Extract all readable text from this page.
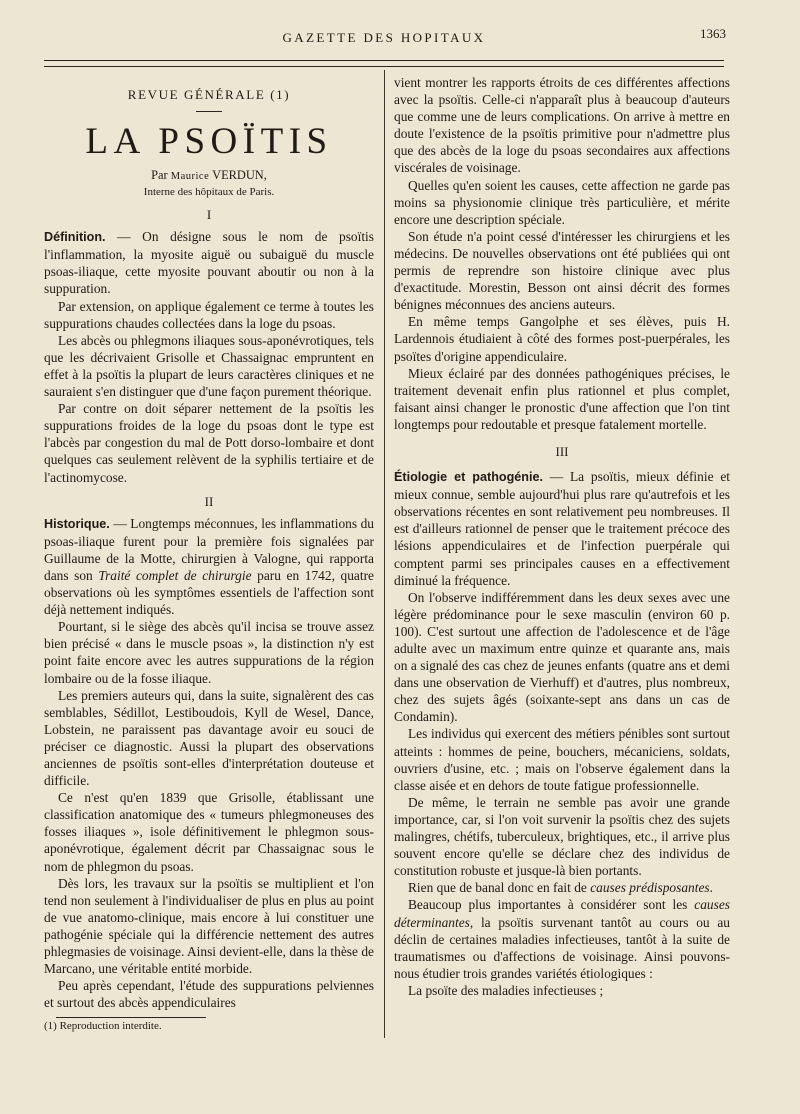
GAZETTE DES HOPITAUX	1363
REVUE GÉNÉRALE (1)
LA PSOÏTIS
Par Maurice VERDUN,
Interne des hôpitaux de Paris.
I

Définition. — On désigne sous le nom de psoïtis l'inflammation, la myosite aiguë ou subaiguë du muscle psoas-iliaque, cette myosite pouvant aboutir ou non à la suppuration.

Par extension, on applique également ce terme à toutes les suppurations chaudes collectées dans la loge du psoas.

Les abcès ou phlegmons iliaques sous-aponévrotiques, tels que les décrivaient Grisolle et Chassaignac empruntent en effet à la psoïtis la plupart de leurs caractères cliniques et ne sauraient s'en distinguer que d'une façon purement théorique.

Par contre on doit séparer nettement de la psoïtis les suppurations froides de la loge du psoas dont le type est l'abcès par congestion du mal de Pott dorso-lombaire et dont quelques cas seulement relèvent de la syphilis tertiaire et de l'actinomycose.

II

Historique. — Longtemps méconnues, les inflammations du psoas-iliaque furent pour la première fois signalées par Guillaume de la Motte, chirurgien à Valogne, qui rapporta dans son Traité complet de chirurgie paru en 1742, quatre observations où les symptômes essentiels de l'affection sont déjà nettement indiqués.

Pourtant, si le siège des abcès qu'il incisa se trouve assez bien précisé « dans le muscle psoas », la distinction n'y est point faite encore avec les autres suppurations de la région lombaire ou de la fosse iliaque.

Les premiers auteurs qui, dans la suite, signalèrent des cas semblables, Sédillot, Lestiboudois, Kyll de Wesel, Dance, Lobstein, ne paraissent pas davantage avoir eu souci de préciser ce diagnostic. Aussi la plupart des observations anciennes de psoïtis sont-elles d'interprétation douteuse et difficile.

Ce n'est qu'en 1839 que Grisolle, établissant une classification anatomique des « tumeurs phlegmoneuses des fosses iliaques », isole définitivement le phlegmon sous-aponévrotique, également décrit par Chassaignac sous le nom de phlegmon du psoas.

Dès lors, les travaux sur la psoïtis se multiplient et l'on tend non seulement à l'individualiser de plus en plus au point de vue anatomo-clinique, mais encore à lui constituer une pathogénie spéciale qui la différencie nettement des autres phlegmasies de voisinage. Ainsi devient-elle, dans la thèse de Marcano, une véritable entité morbide.

Peu après cependant, l'étude des suppurations pelviennes et surtout des abcès appendiculaires

(1) Reproduction interdite.

vient montrer les rapports étroits de ces différentes affections avec la psoïtis. Celle-ci n'apparaît plus à beaucoup d'auteurs que comme une de leurs complications. On arrive à mettre en doute l'existence de la psoïtis primitive pour n'admettre plus que des abcès de la loge du psoas secondaires aux affections viscérales de voisinage.

Quelles qu'en soient les causes, cette affection ne garde pas moins sa physionomie clinique très particulière, et mérite encore une description spéciale.

Son étude n'a point cessé d'intéresser les chirurgiens et les médecins. De nouvelles observations ont été publiées qui ont permis de reprendre son histoire clinique avec plus d'exactitude. Morestin, Besson ont ainsi décrit des formes bénignes méconnues des anciens auteurs.

En même temps Gangolphe et ses élèves, puis H. Lardennois étudiaient à côté des formes post-puerpérales, les psoïtes d'origine appendiculaire.

Mieux éclairé par des données pathogéniques précises, le traitement devenait enfin plus rationnel et plus complet, faisant ainsi changer le pronostic d'une affection que l'on tint longtemps pour redoutable et presque fatalement mortelle.

III

Étiologie et pathogénie. — La psoïtis, mieux définie et mieux connue, semble aujourd'hui plus rare qu'autrefois et les observations récentes en sont relativement peu nombreuses. Il est d'ailleurs rationnel de penser que le traitement précoce des lésions appendiculaires et de l'infection puerpérale qui comptent parmi ses principales causes en a effectivement diminué la fréquence.

On l'observe indifféremment dans les deux sexes avec une légère prédominance pour le sexe masculin (environ 60 p. 100). C'est surtout une affection de l'adolescence et de l'âge adulte avec un maximum entre quinze et quarante ans, mais on a signalé des cas chez de jeunes enfants (quatre ans et demi dans une observation de Vierhuff) et d'autres, plus nombreux, chez des sujets âgés (soixante-sept ans dans un cas de Condamin).

Les individus qui exercent des métiers pénibles sont surtout atteints : hommes de peine, bouchers, mécaniciens, soldats, ouvriers d'usine, etc. ; mais on l'observe également dans la classe aisée et en dehors de toute fatigue professionnelle.

De même, le terrain ne semble pas avoir une grande importance, car, si l'on voit survenir la psoïtis chez des sujets malingres, chétifs, tuberculeux, brightiques, etc., il arrive plus souvent encore qu'elle se déclare chez des individus de constitution robuste et jusque-là bien portants.

Rien que de banal donc en fait de causes prédisposantes.

Beaucoup plus importantes à considérer sont les causes déterminantes, la psoïtis survenant tantôt au cours ou au déclin de certaines maladies infectieuses, tantôt à la suite de traumatismes ou d'affections de voisinage. Ainsi pouvons-nous étudier trois grandes variétés étiologiques :

La psoïte des maladies infectieuses ;
